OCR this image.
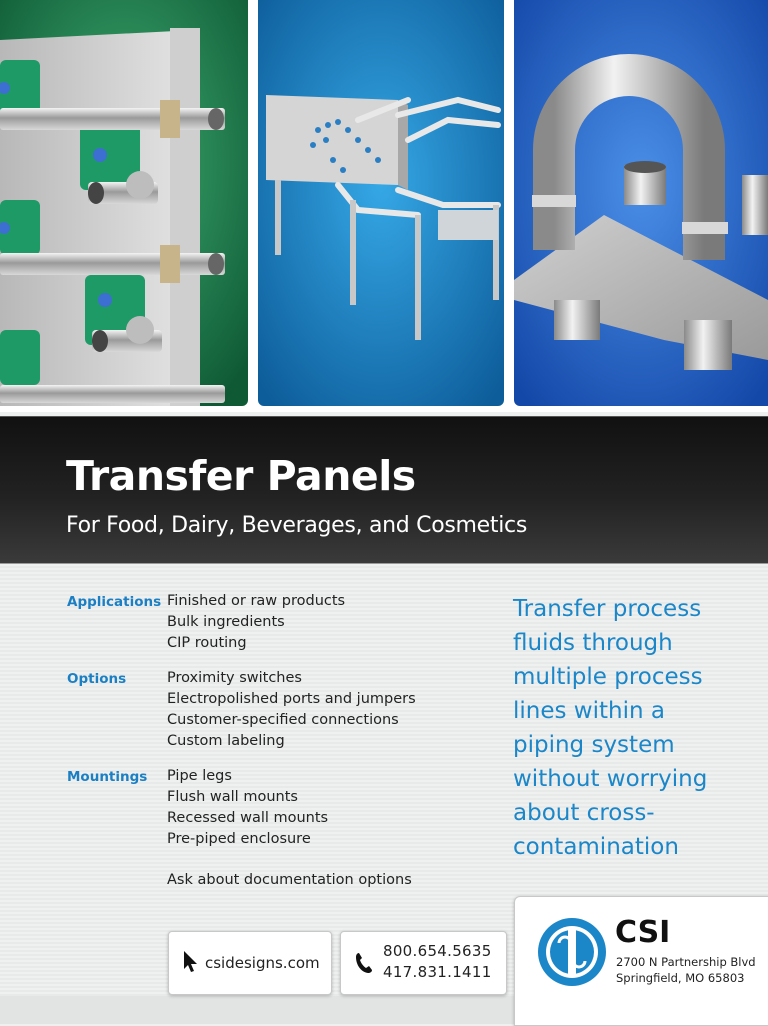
Transfer Panels
For Food, Dairy, Beverages, and Cosmetics
Applications Finished or raw products
Bulk ingredients
CIP routing
Options	Proximity switches
Electropolished ports and jumpers
Customer-specified connections
Custom labeling
Mountings Pipe legs
Flush wall mounts
Recessed wall mounts
Pre-piped enclosure
Ask about documentation options
Transfer process
fluids through
multiple process
lines within a
piping system
without worrying
about cross-
contamination
csidesigns.com
800.654.5635
417.831.1411
CSI
2700 N Partnership Blvd
Springfield, MO 65803
